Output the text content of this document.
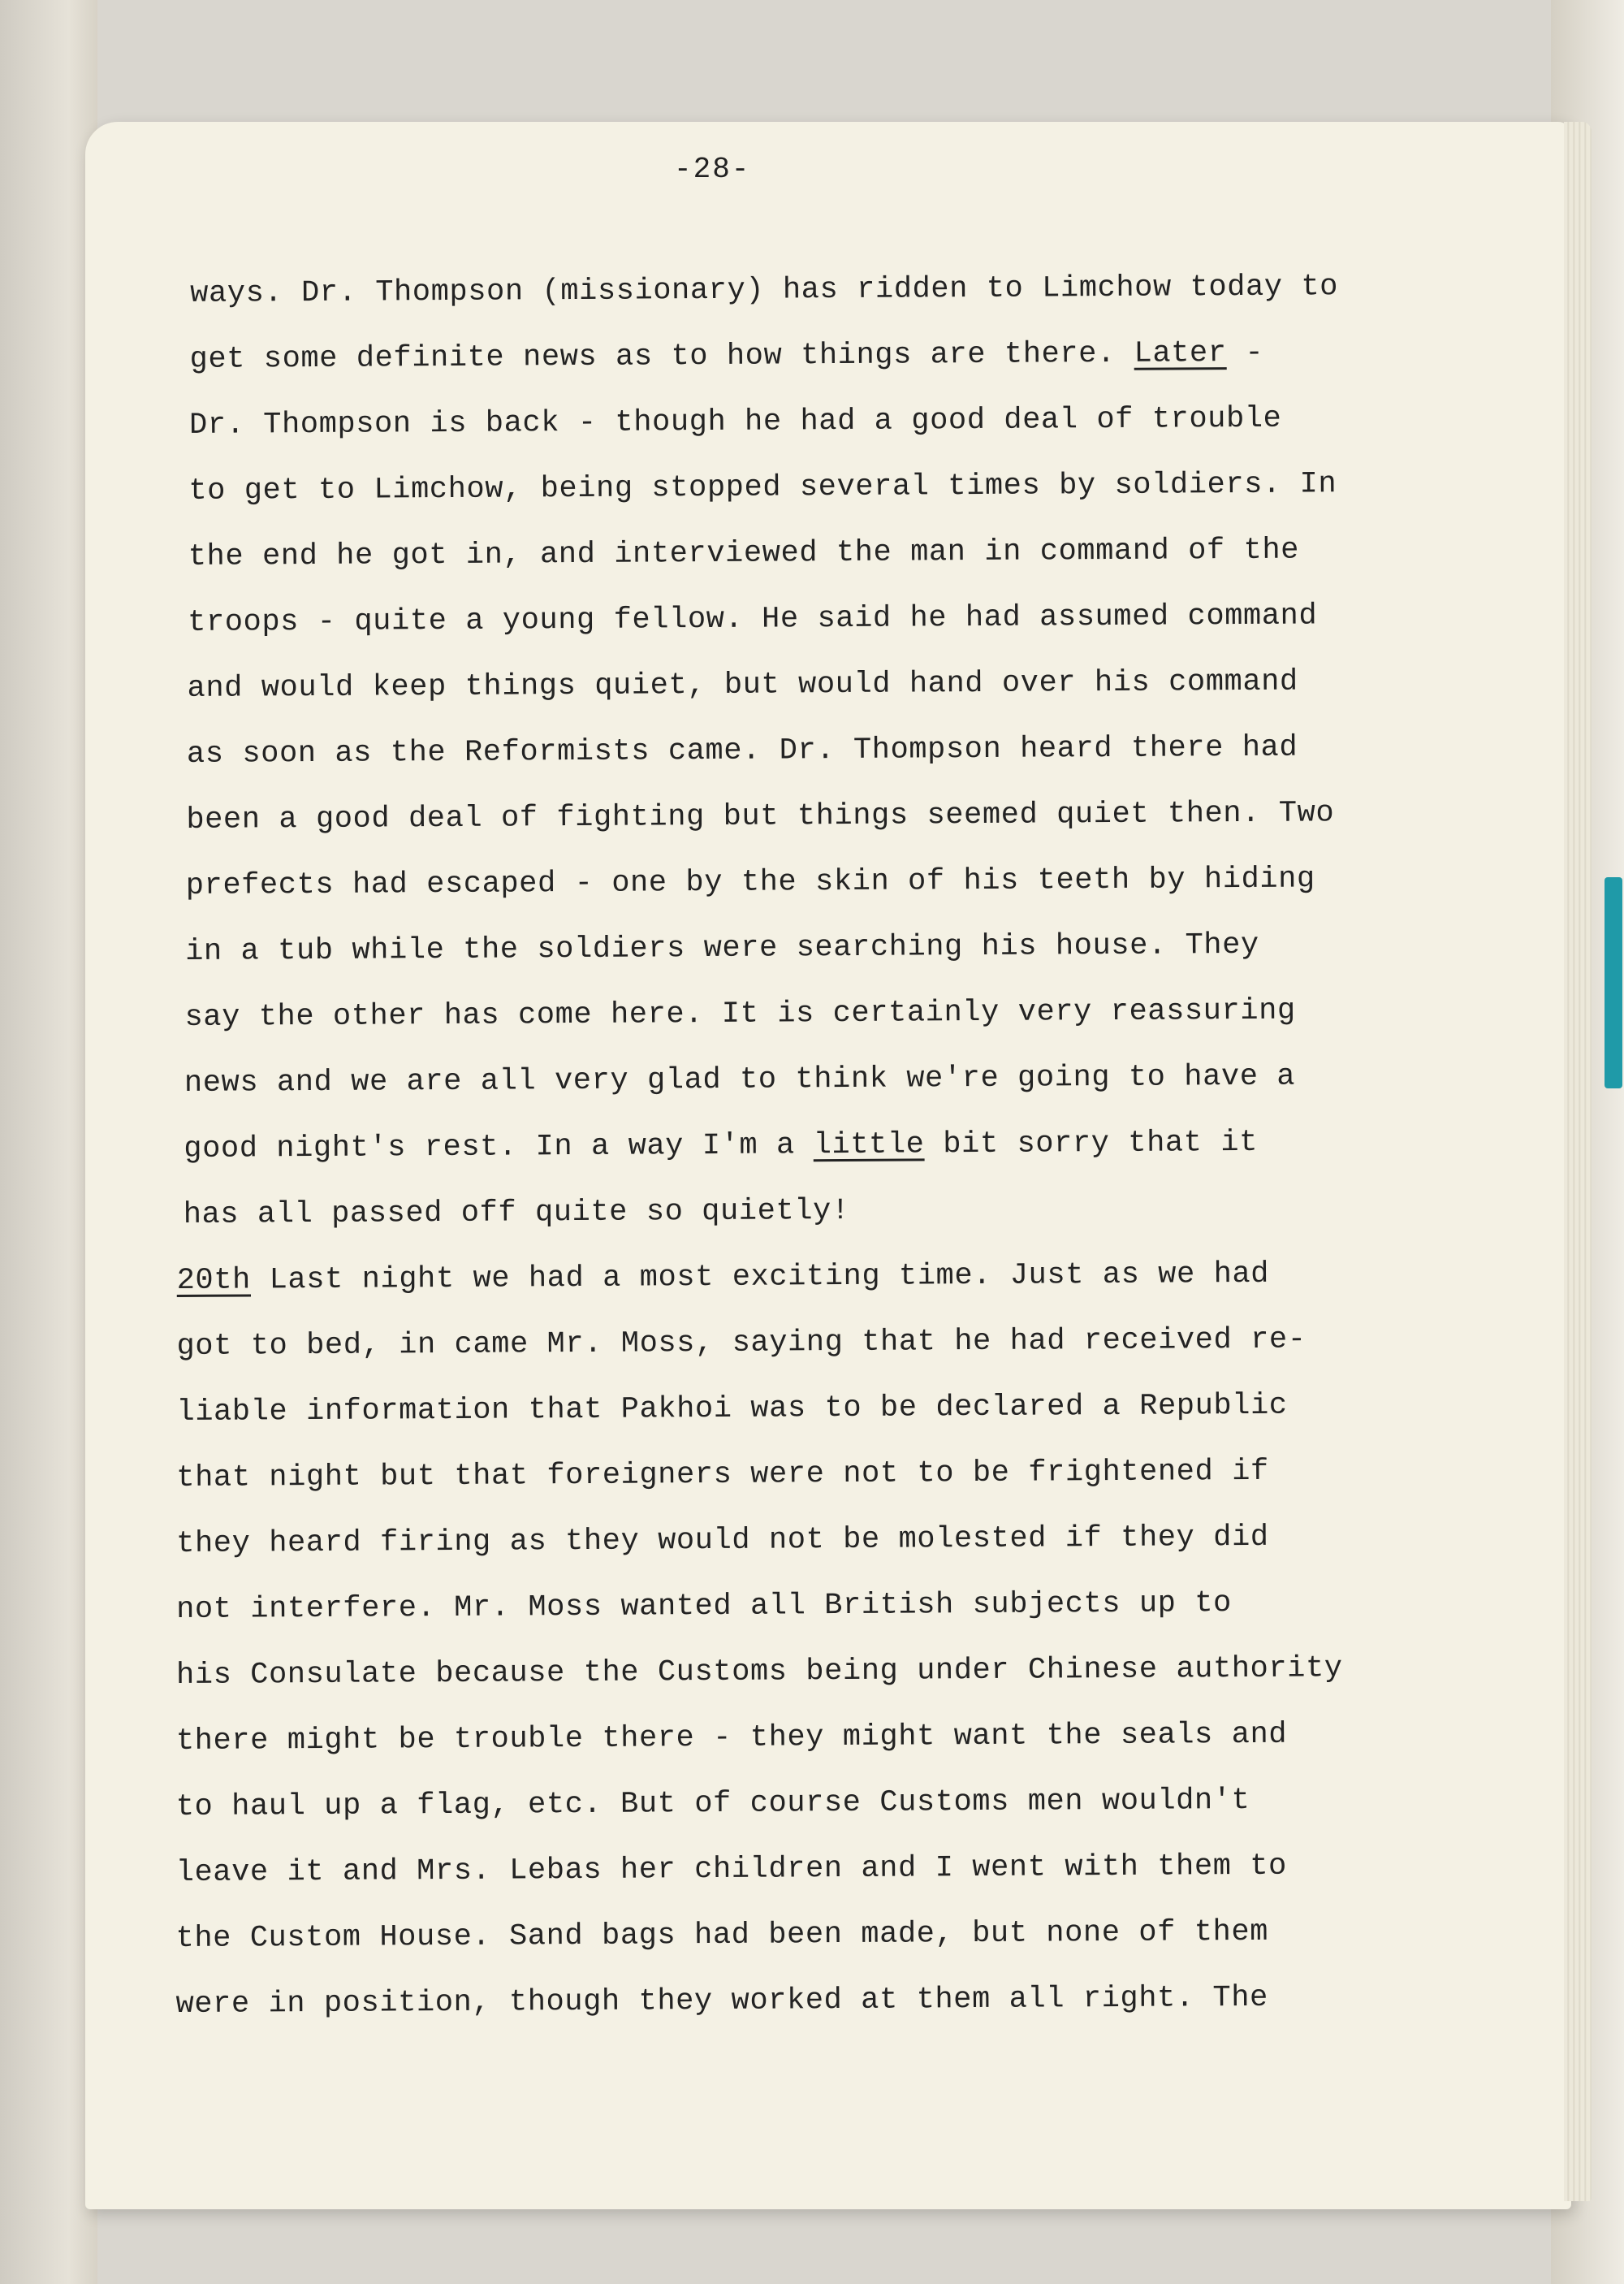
-28-
ways. Dr. Thompson (missionary) has ridden to Limchow today to
get some definite news as to how things are there. Later -
Dr. Thompson is back - though he had a good deal of trouble
to get to Limchow, being stopped several times by soldiers. In
the end he got in, and interviewed the man in command of the
troops - quite a young fellow. He said he had assumed command
and would keep things quiet, but would hand over his command
as soon as the Reformists came. Dr. Thompson heard there had
been a good deal of fighting but things seemed quiet then. Two
prefects had escaped - one by the skin of his teeth by hiding
in a tub while the soldiers were searching his house. They
say the other has come here. It is certainly very reassuring
news and we are all very glad to think we're going to have a
good night's rest. In a way I'm a little bit sorry that it
has all passed off quite so quietly!
20th Last night we had a most exciting time. Just as we had
got to bed, in came Mr. Moss, saying that he had received re-
liable information that Pakhoi was to be declared a Republic
that night but that foreigners were not to be frightened if
they heard firing as they would not be molested if they did
not interfere. Mr. Moss wanted all British subjects up to
his Consulate because the Customs being under Chinese authority
there might be trouble there - they might want the seals and
to haul up a flag, etc. But of course Customs men wouldn't
leave it and Mrs. Lebas her children and I went with them to
the Custom House. Sand bags had been made, but none of them
were in position, though they worked at them all right. The
